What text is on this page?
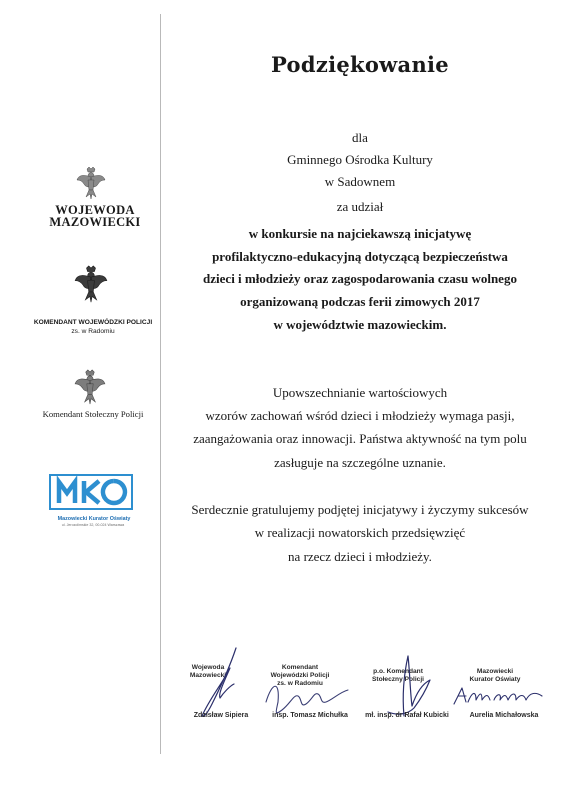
WOJEWODA
MAZOWIECKI
KOMENDANT WOJEWÓDZKI POLICJI
zs. w Radomiu
Komendant Stołeczny Policji
Mazowiecki Kurator Oświaty
ul. Jerozolimskie 32, 00-024 Warszawa
Podziękowanie
dla
Gminnego Ośrodka Kultury
w Sadownem
za udział
w konkursie na najciekawszą inicjatywę
profilaktyczno-edukacyjną dotyczącą bezpieczeństwa
dzieci i młodzieży oraz zagospodarowania czasu wolnego
organizowaną podczas ferii zimowych 2017
w województwie mazowieckim.
Upowszechnianie wartościowych
wzorów zachowań wśród dzieci i młodzieży wymaga pasji,
zaangażowania oraz innowacji. Państwa aktywność na tym polu
zasługuje na szczególne uznanie.
Serdecznie gratulujemy podjętej inicjatywy i życzymy sukcesów
w realizacji nowatorskich przedsięwzięć
na rzecz dzieci i młodzieży.
Wojewoda
Mazowiecki
Komendant
Wojewódzki Policji
zs. w Radomiu
p.o. Komendant
Stołeczny Policji
Mazowiecki
Kurator Oświaty
Zdzisław Sipiera	insp. Tomasz Michułka	mł. insp. dr Rafał Kubicki	Aurelia Michałowska
